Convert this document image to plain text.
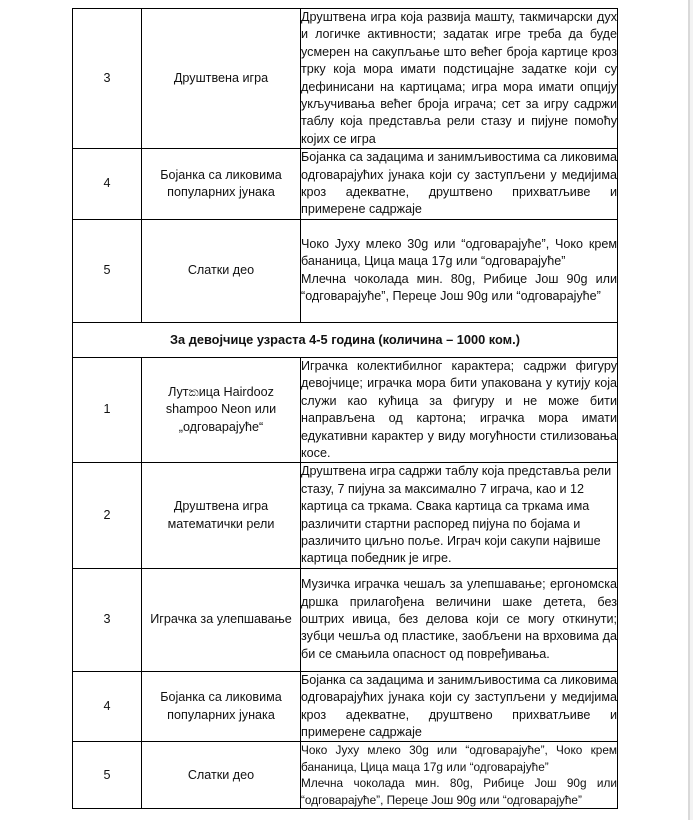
3	Друштвена игра	Друштвена игра која развија машту, такмичарски дух и логичке активности; задатак игре треба да буде усмерен на сакупљање што већег броја картице кроз трку која мора имати подстицајне задатке који су дефинисани на картицама; игра мора имати опцију укључивања већег броја играча; сет за игру садржи таблу која представља рели стазу и пијуне помоћу којих се игра
4	Бојанка са ликовима популарних јунака	Бојанка са задацима и занимљивостима са ликовима одговарајућих јунака који су заступљени у медијима кроз адекватне, друштвено прихватљиве и примерене садржаје
5	Слатки део	Чоко Јуху млеко 30g или “одговарајуће”, Чоко крем бананица, Цица маца 17g или “одговарајуће”

Млечна чоколада мин. 80g, Рибице Још 90g или “одговарајуће”, Переце Још 90g или “одговарајуће”

За девојчице узраста 4-5 година (количина – 1000 ком.)		
1	Лутකица Hairdooz shampoo Neon или „одговарајуће“	Играчка колектибилног карактера; садржи фигуру девојчице; играчка мора бити упакована у кутију која служи као кућица за фигуру и не може бити направљена од картона; играчка мора имати едукативни карактер у виду могућности стилизовања косе.
2	Друштвена игра математички рели	Друштвена игра садржи таблу која представља рели стазу, 7 пијуна за максимално 7 играча, као и 12 картица са тркама. Свака картица са тркама има различити стартни распоред пијуна по бојама и различито циљно поље. Играч који сакупи највише картица победник је игре.
3	Играчка за улепшавање	Музичка играчка чешаљ за улепшавање; ергономска дршка прилагођена величини шаке детета, без оштрих ивица, без делова који се могу откинути; зубци чешља од пластике, заобљени на врховима да би се смањила опасност од повређивања.
4	Бојанка са ликовима популарних јунака	Бојанка са задацима и занимљивостима са ликовима одговарајућих јунака који су заступљени у медијима кроз адекватне, друштвено прихватљиве и примерене садржаје
5	Слатки део	Чоко Јуху млеко 30g или “одговарајуће”, Чоко крем бананица, Цица маца 17g или “одговарајуће”

Млечна чоколада мин. 80g, Рибице Још 90g или “одговарајуће”, Переце Још 90g или “одговарајуће”
